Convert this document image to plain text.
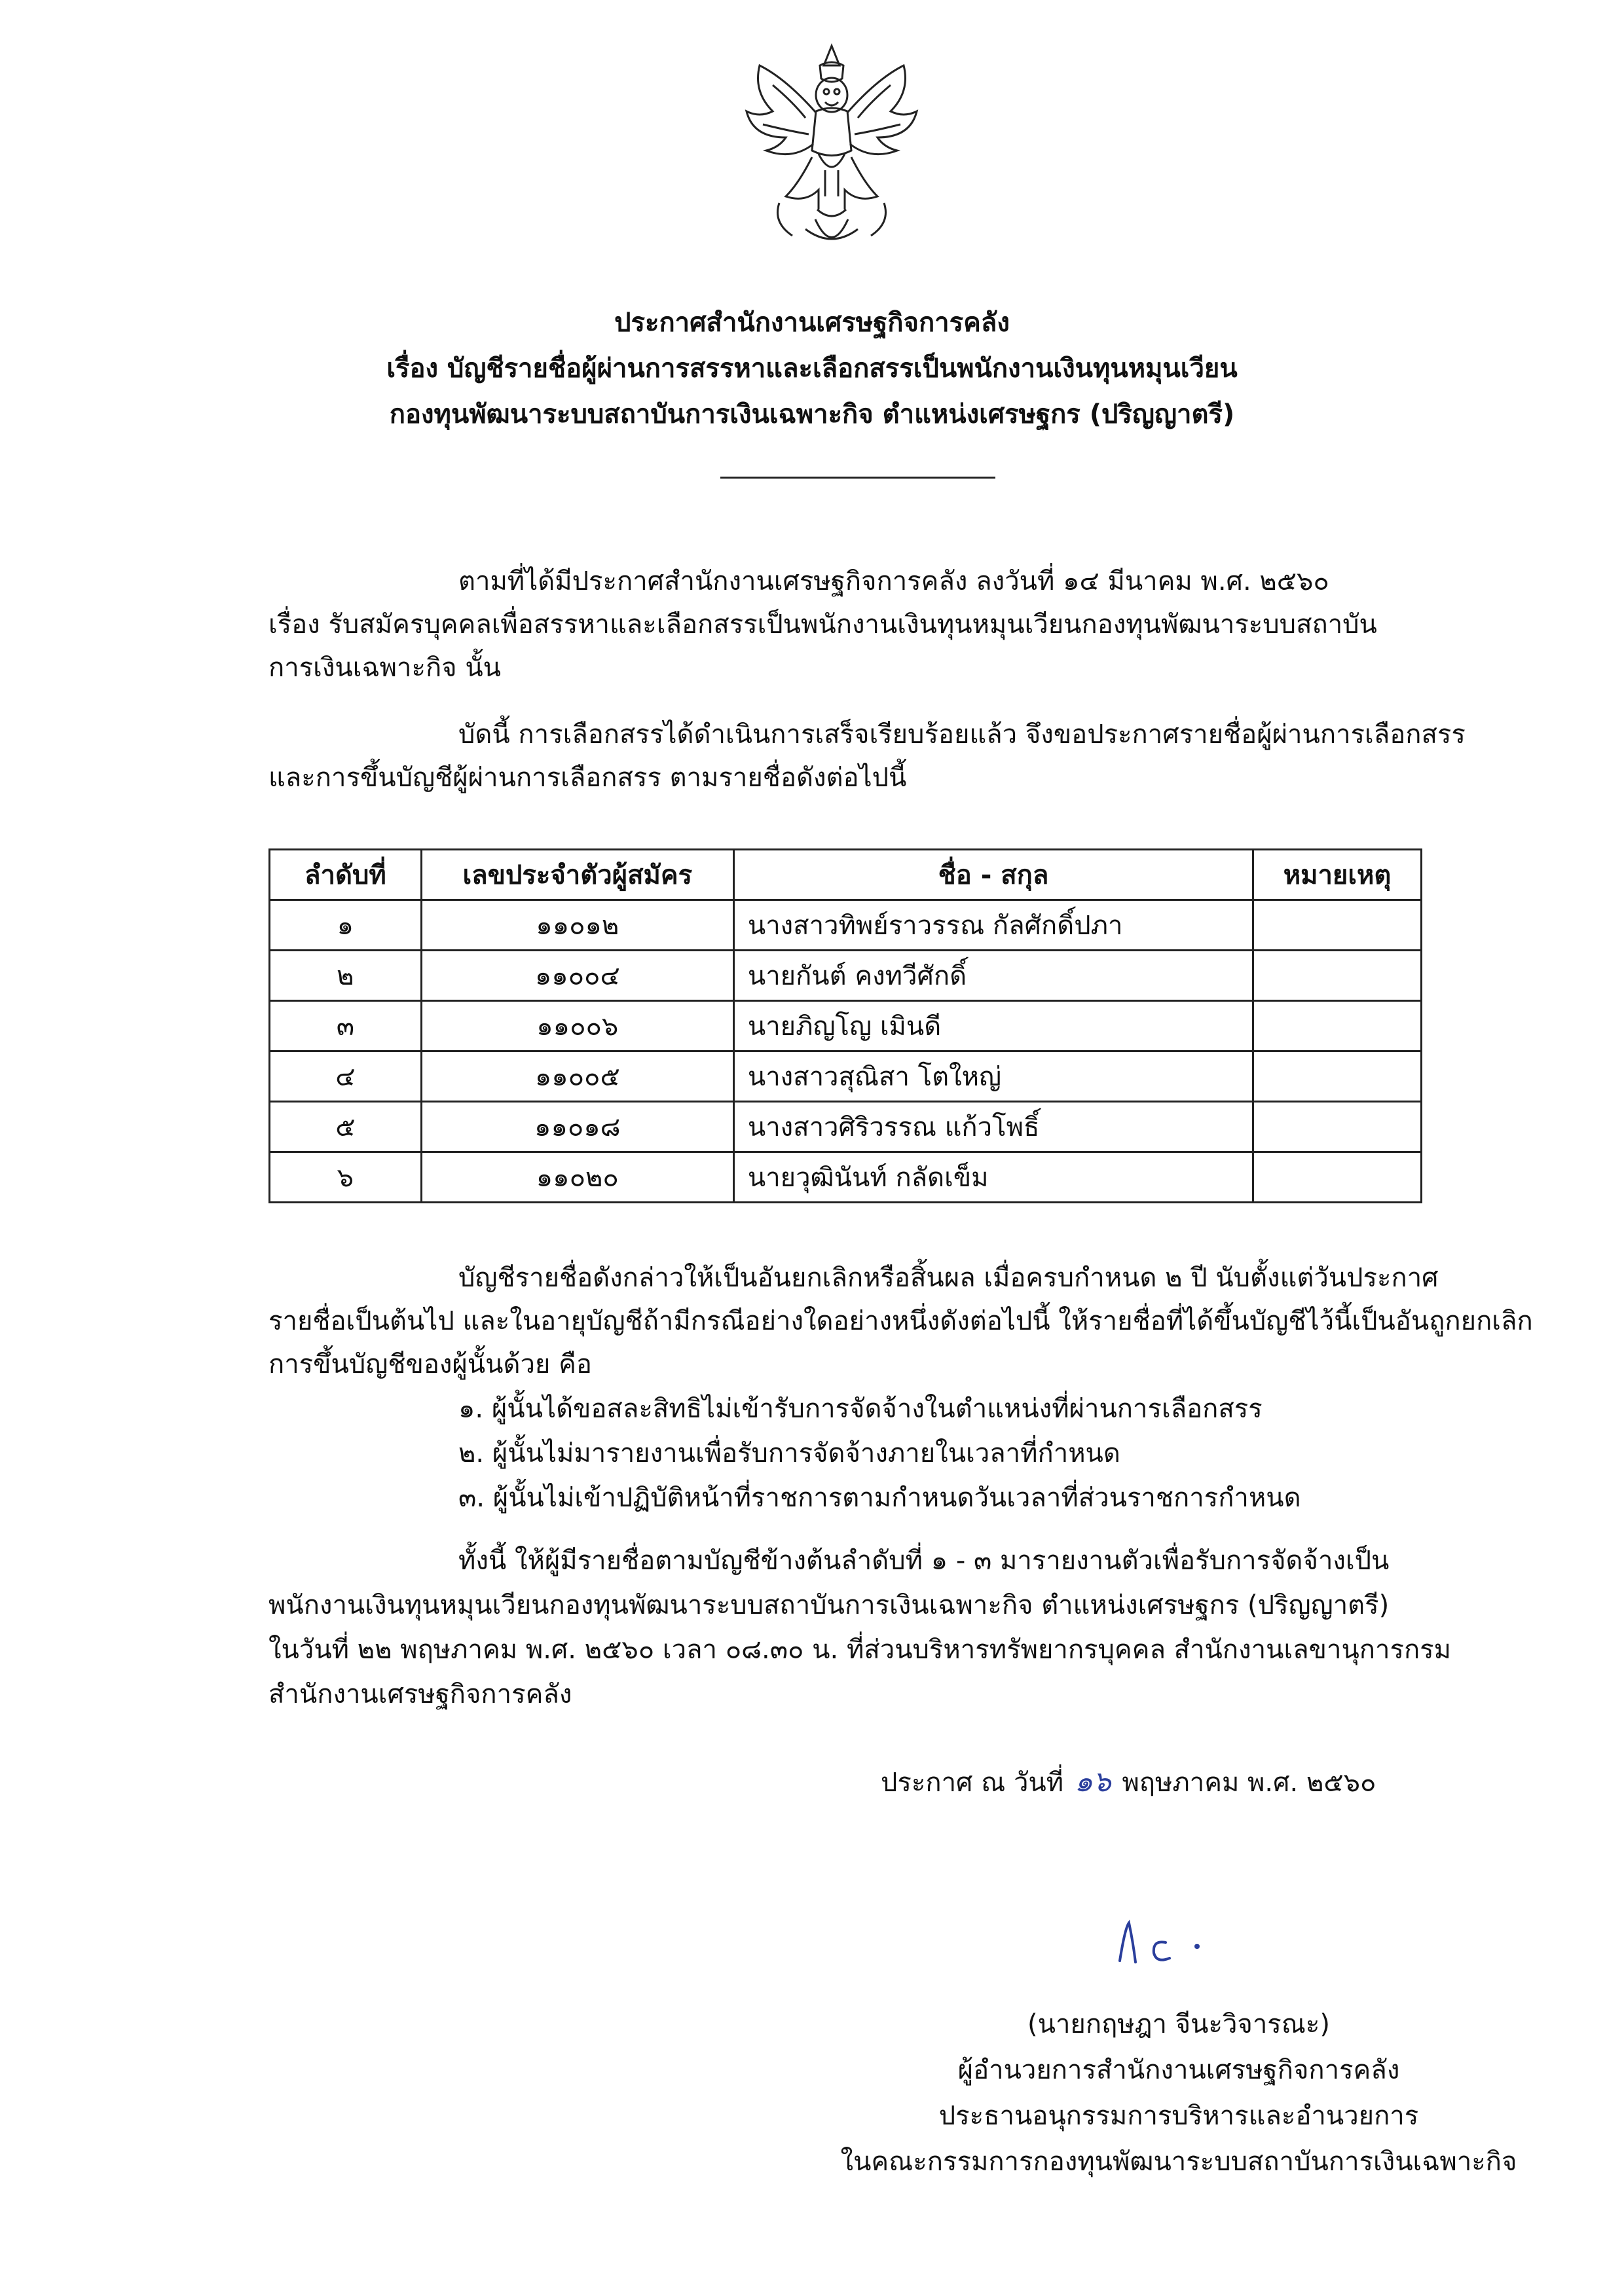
ประกาศสำนักงานเศรษฐกิจการคลัง
เรื่อง บัญชีรายชื่อผู้ผ่านการสรรหาและเลือกสรรเป็นพนักงานเงินทุนหมุนเวียน
กองทุนพัฒนาระบบสถาบันการเงินเฉพาะกิจ ตำแหน่งเศรษฐกร (ปริญญาตรี)
ตามที่ได้มีประกาศสำนักงานเศรษฐกิจการคลัง ลงวันที่ ๑๔ มีนาคม พ.ศ. ๒๕๖๐
เรื่อง รับสมัครบุคคลเพื่อสรรหาและเลือกสรรเป็นพนักงานเงินทุนหมุนเวียนกองทุนพัฒนาระบบสถาบัน
การเงินเฉพาะกิจ นั้น
บัดนี้ การเลือกสรรได้ดำเนินการเสร็จเรียบร้อยแล้ว จึงขอประกาศรายชื่อผู้ผ่านการเลือกสรร
และการขึ้นบัญชีผู้ผ่านการเลือกสรร ตามรายชื่อดังต่อไปนี้
ลำดับที่	เลขประจำตัวผู้สมัคร	ชื่อ - สกุล	หมายเหตุ
๑	๑๑๐๑๒	นางสาวทิพย์ราวรรณ กัลศักดิ์ปภา	
๒	๑๑๐๐๔	นายกันต์ คงทวีศักดิ์	
๓	๑๑๐๐๖	นายภิญโญ เมินดี	
๔	๑๑๐๐๕	นางสาวสุณิสา โตใหญ่	
๕	๑๑๐๑๘	นางสาวศิริวรรณ แก้วโพธิ์	
๖	๑๑๐๒๐	นายวุฒินันท์ กลัดเข็ม	
บัญชีรายชื่อดังกล่าวให้เป็นอันยกเลิกหรือสิ้นผล เมื่อครบกำหนด ๒ ปี นับตั้งแต่วันประกาศ
รายชื่อเป็นต้นไป และในอายุบัญชีถ้ามีกรณีอย่างใดอย่างหนึ่งดังต่อไปนี้ ให้รายชื่อที่ได้ขึ้นบัญชีไว้นี้เป็นอันถูกยกเลิก
การขึ้นบัญชีของผู้นั้นด้วย คือ
๑. ผู้นั้นได้ขอสละสิทธิไม่เข้ารับการจัดจ้างในตำแหน่งที่ผ่านการเลือกสรร
๒. ผู้นั้นไม่มารายงานเพื่อรับการจัดจ้างภายในเวลาที่กำหนด
๓. ผู้นั้นไม่เข้าปฏิบัติหน้าที่ราชการตามกำหนดวันเวลาที่ส่วนราชการกำหนด
ทั้งนี้ ให้ผู้มีรายชื่อตามบัญชีข้างต้นลำดับที่ ๑ - ๓ มารายงานตัวเพื่อรับการจัดจ้างเป็น
พนักงานเงินทุนหมุนเวียนกองทุนพัฒนาระบบสถาบันการเงินเฉพาะกิจ ตำแหน่งเศรษฐกร (ปริญญาตรี)
ในวันที่ ๒๒ พฤษภาคม พ.ศ. ๒๕๖๐ เวลา ๐๘.๓๐ น. ที่ส่วนบริหารทรัพยากรบุคคล สำนักงานเลขานุการกรม
สำนักงานเศรษฐกิจการคลัง
ประกาศ ณ วันที่ ๑๖ พฤษภาคม พ.ศ. ๒๕๖๐
(นายกฤษฎา จีนะวิจารณะ)
ผู้อำนวยการสำนักงานเศรษฐกิจการคลัง
ประธานอนุกรรมการบริหารและอำนวยการ
ในคณะกรรมการกองทุนพัฒนาระบบสถาบันการเงินเฉพาะกิจ
